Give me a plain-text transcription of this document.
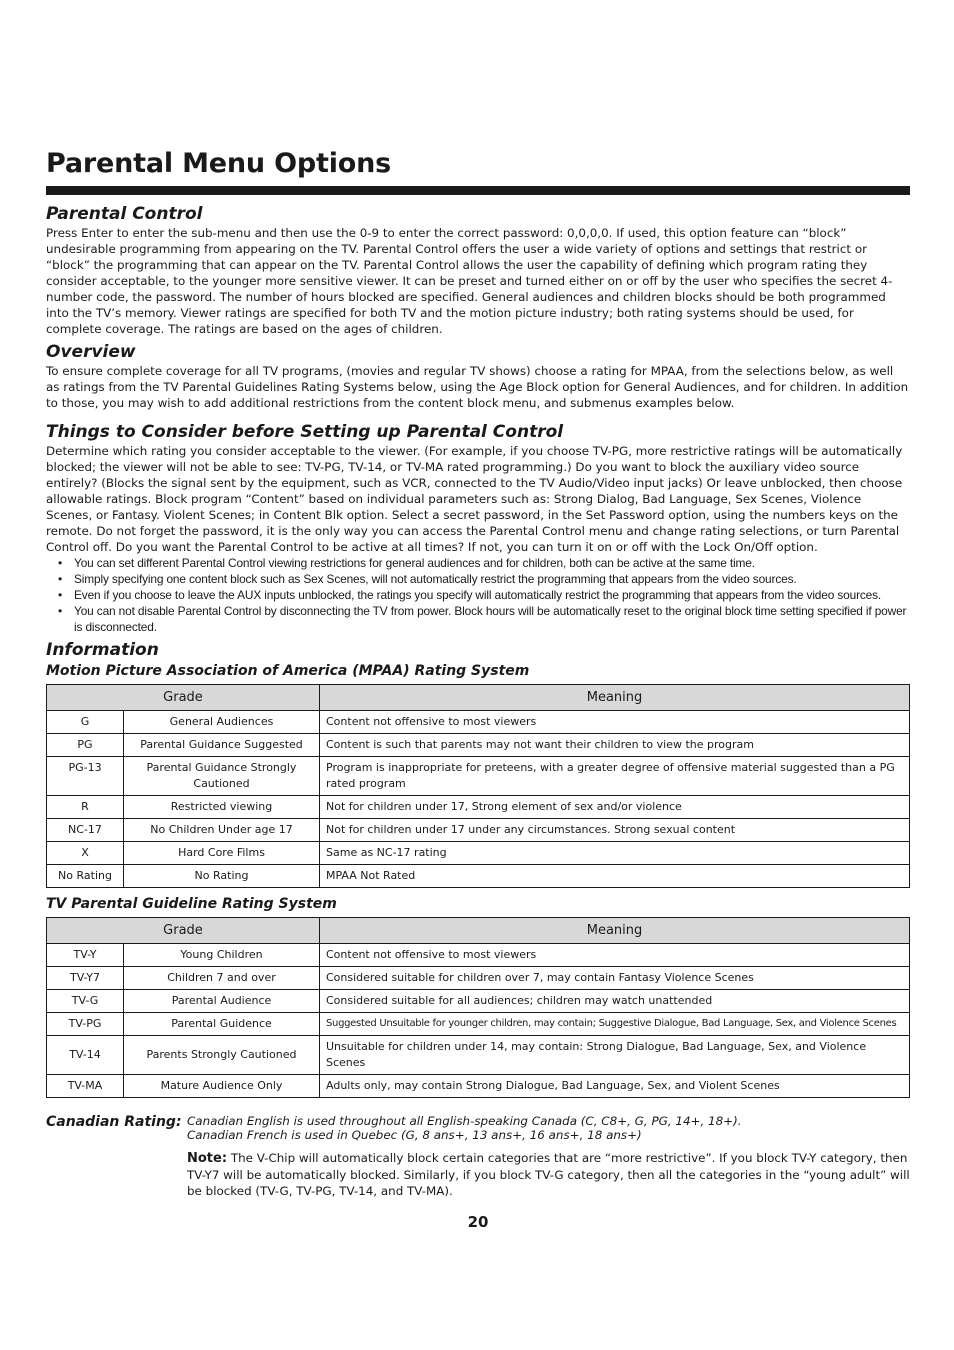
Parental Menu Options
Parental Control

Press Enter to enter the sub-menu and then use the 0-9 to enter the correct password: 0,0,0,0. If used, this option feature can “block” undesirable programming from appearing on the TV. Parental Control offers the user a wide variety of options and settings that restrict or “block” the programming that can appear on the TV. Parental Control allows the user the capability of defining which program rating they consider acceptable, to the younger more sensitive viewer. It can be preset and turned either on or off by the user who specifies the secret 4-number code, the password. The number of hours blocked are specified. General audiences and children blocks should be both programmed into the TV’s memory. Viewer ratings are specified for both TV and the motion picture industry; both rating systems should be used, for complete coverage. The ratings are based on the ages of children.

Overview

To ensure complete coverage for all TV programs, (movies and regular TV shows) choose a rating for MPAA, from the selections below, as well as ratings from the TV Parental Guidelines Rating Systems below, using the Age Block option for General Audiences, and for children. In addition to those, you may wish to add additional restrictions from the content block menu, and submenus examples below.

Things to Consider before Setting up Parental Control

Determine which rating you consider acceptable to the viewer. (For example, if you choose TV-PG, more restrictive ratings will be automatically blocked; the viewer will not be able to see: TV-PG, TV-14, or TV-MA rated programming.) Do you want to block the auxiliary video source entirely? (Blocks the signal sent by the equipment, such as VCR, connected to the TV Audio/Video input jacks) Or leave unblocked, then choose allowable ratings. Block program “Content” based on individual parameters such as: Strong Dialog, Bad Language, Sex Scenes, Violence Scenes, or Fantasy. Violent Scenes; in Content Blk option. Select a secret password, in the Set Password option, using the numbers keys on the remote. Do not forget the password, it is the only way you can access the Parental Control menu and change rating selections, or turn Parental Control off. Do you want the Parental Control to be active at all times? If not, you can turn it on or off with the Lock On/Off option.

• You can set different Parental Control viewing restrictions for general audiences and for children, both can be active at the same time.
• Simply specifying one content block such as Sex Scenes, will not automatically restrict the programming that appears from the video sources.
• Even if you choose to leave the AUX inputs unblocked, the ratings you specify will automatically restrict the programming that appears from the video sources.
• You can not disable Parental Control by disconnecting the TV from power. Block hours will be automatically reset to the original block time setting specified if power is disconnected.
Information
Motion Picture Association of America (MPAA) Rating System
Grade		Meaning
G	General Audiences	Content not offensive to most viewers
PG	Parental Guidance Suggested	Content is such that parents may not want their children to view the program
PG-13	Parental Guidance Strongly Cautioned	Program is inappropriate for preteens, with a greater degree of offensive material suggested than a PG rated program
R	Restricted viewing	Not for children under 17, Strong element of sex and/or violence
NC-17	No Children Under age 17	Not for children under 17 under any circumstances. Strong sexual content
X	Hard Core Films	Same as NC-17 rating
No Rating	No Rating	MPAA Not Rated
TV Parental Guideline Rating System
Grade		Meaning
TV-Y	Young Children	Content not offensive to most viewers
TV-Y7	Children 7 and over	Considered suitable for children over 7, may contain Fantasy Violence Scenes
TV-G	Parental Audience	Considered suitable for all audiences; children may watch unattended
TV-PG	Parental Guidence	Suggested Unsuitable for younger children, may contain; Suggestive Dialogue, Bad Language, Sex, and Violence Scenes
TV-14	Parents Strongly Cautioned	Unsuitable for children under 14, may contain: Strong Dialogue, Bad Language, Sex, and Violence Scenes
TV-MA	Mature Audience Only	Adults only, may contain Strong Dialogue, Bad Language, Sex, and Violent Scenes
Canadian Rating: Canadian English is used throughout all English-speaking Canada (C, C8+, G, PG, 14+, 18+).
Canadian French is used in Quebec (G, 8 ans+, 13 ans+, 16 ans+, 18 ans+)
Note: The V-Chip will automatically block certain categories that are “more restrictive”. If you block TV-Y category, then TV-Y7 will be automatically blocked. Similarly, if you block TV-G category, then all the categories in the “young adult” will be blocked (TV-G, TV-PG, TV-14, and TV-MA).
20
